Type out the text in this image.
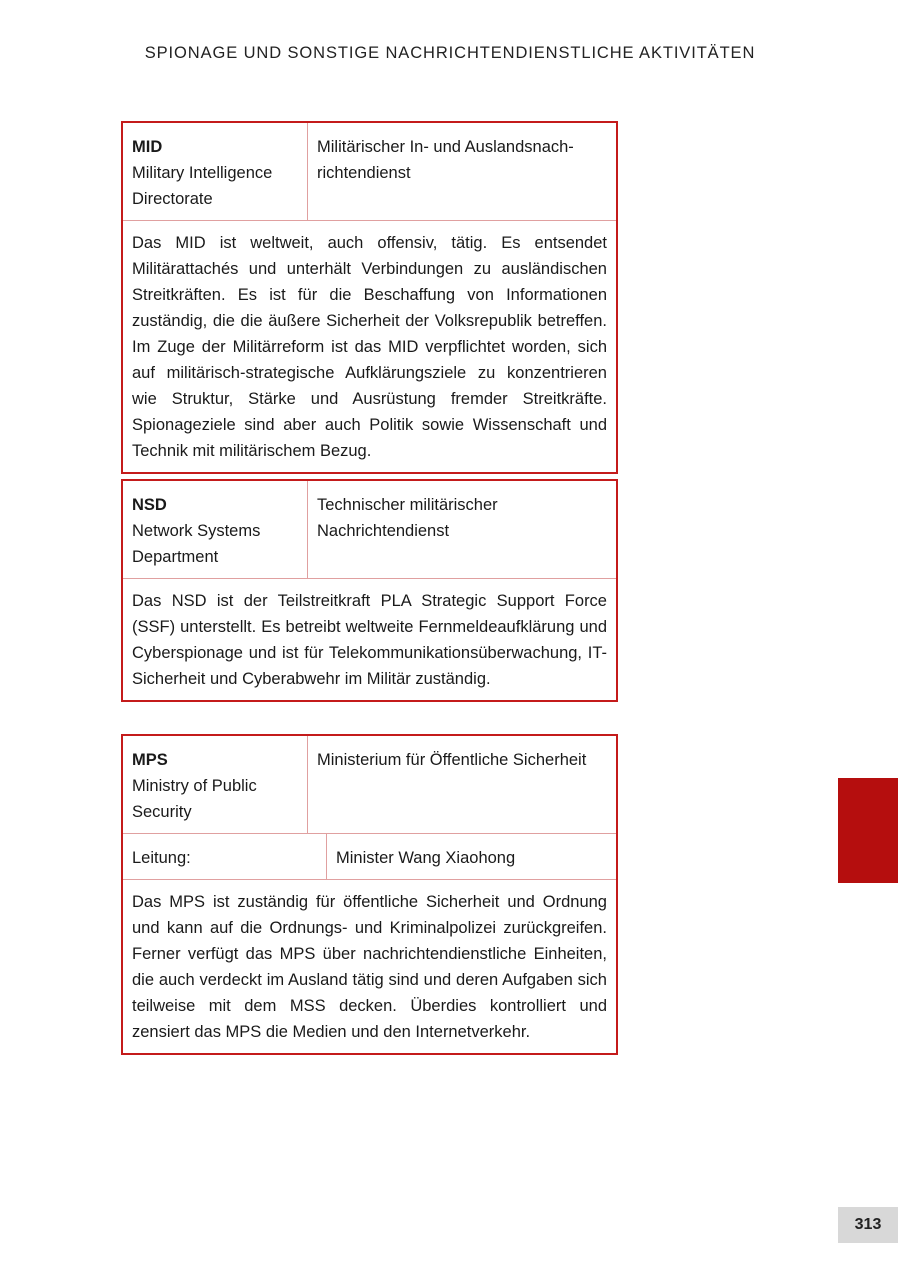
SPIONAGE UND SONSTIGE NACHRICHTENDIENSTLICHE AKTIVITÄTEN
MID
Military Intelligence Directorate
Militärischer In- und Auslandsnach-richtendienst
Das MID ist weltweit, auch offensiv, tätig. Es entsendet Militärattachés und unterhält Verbindungen zu ausländischen Streitkräften. Es ist für die Beschaffung von Informationen zuständig, die die äußere Sicherheit der Volksrepublik betreffen. Im Zuge der Militärreform ist das MID verpflichtet worden, sich auf militärisch-strategische Aufklärungsziele zu konzentrieren wie Struktur, Stärke und Ausrüstung fremder Streitkräfte. Spionageziele sind aber auch Politik sowie Wissenschaft und Technik mit militärischem Bezug.
NSD
Network Systems Department
Technischer militärischer Nachrichtendienst
Das NSD ist der Teilstreitkraft PLA Strategic Support Force (SSF) unterstellt. Es betreibt weltweite Fernmeldeaufklärung und Cyberspionage und ist für Telekommunikationsüberwachung, IT-Sicherheit und Cyberabwehr im Militär zuständig.
MPS
Ministry of Public Security
Ministerium für Öffentliche Sicherheit
Leitung:	Minister Wang Xiaohong
Das MPS ist zuständig für öffentliche Sicherheit und Ordnung und kann auf die Ordnungs- und Kriminalpolizei zurückgreifen. Ferner verfügt das MPS über nachrichtendienstliche Einheiten, die auch verdeckt im Ausland tätig sind und deren Aufgaben sich teilweise mit dem MSS decken. Überdies kontrolliert und zensiert das MPS die Medien und den Internetverkehr.
313
